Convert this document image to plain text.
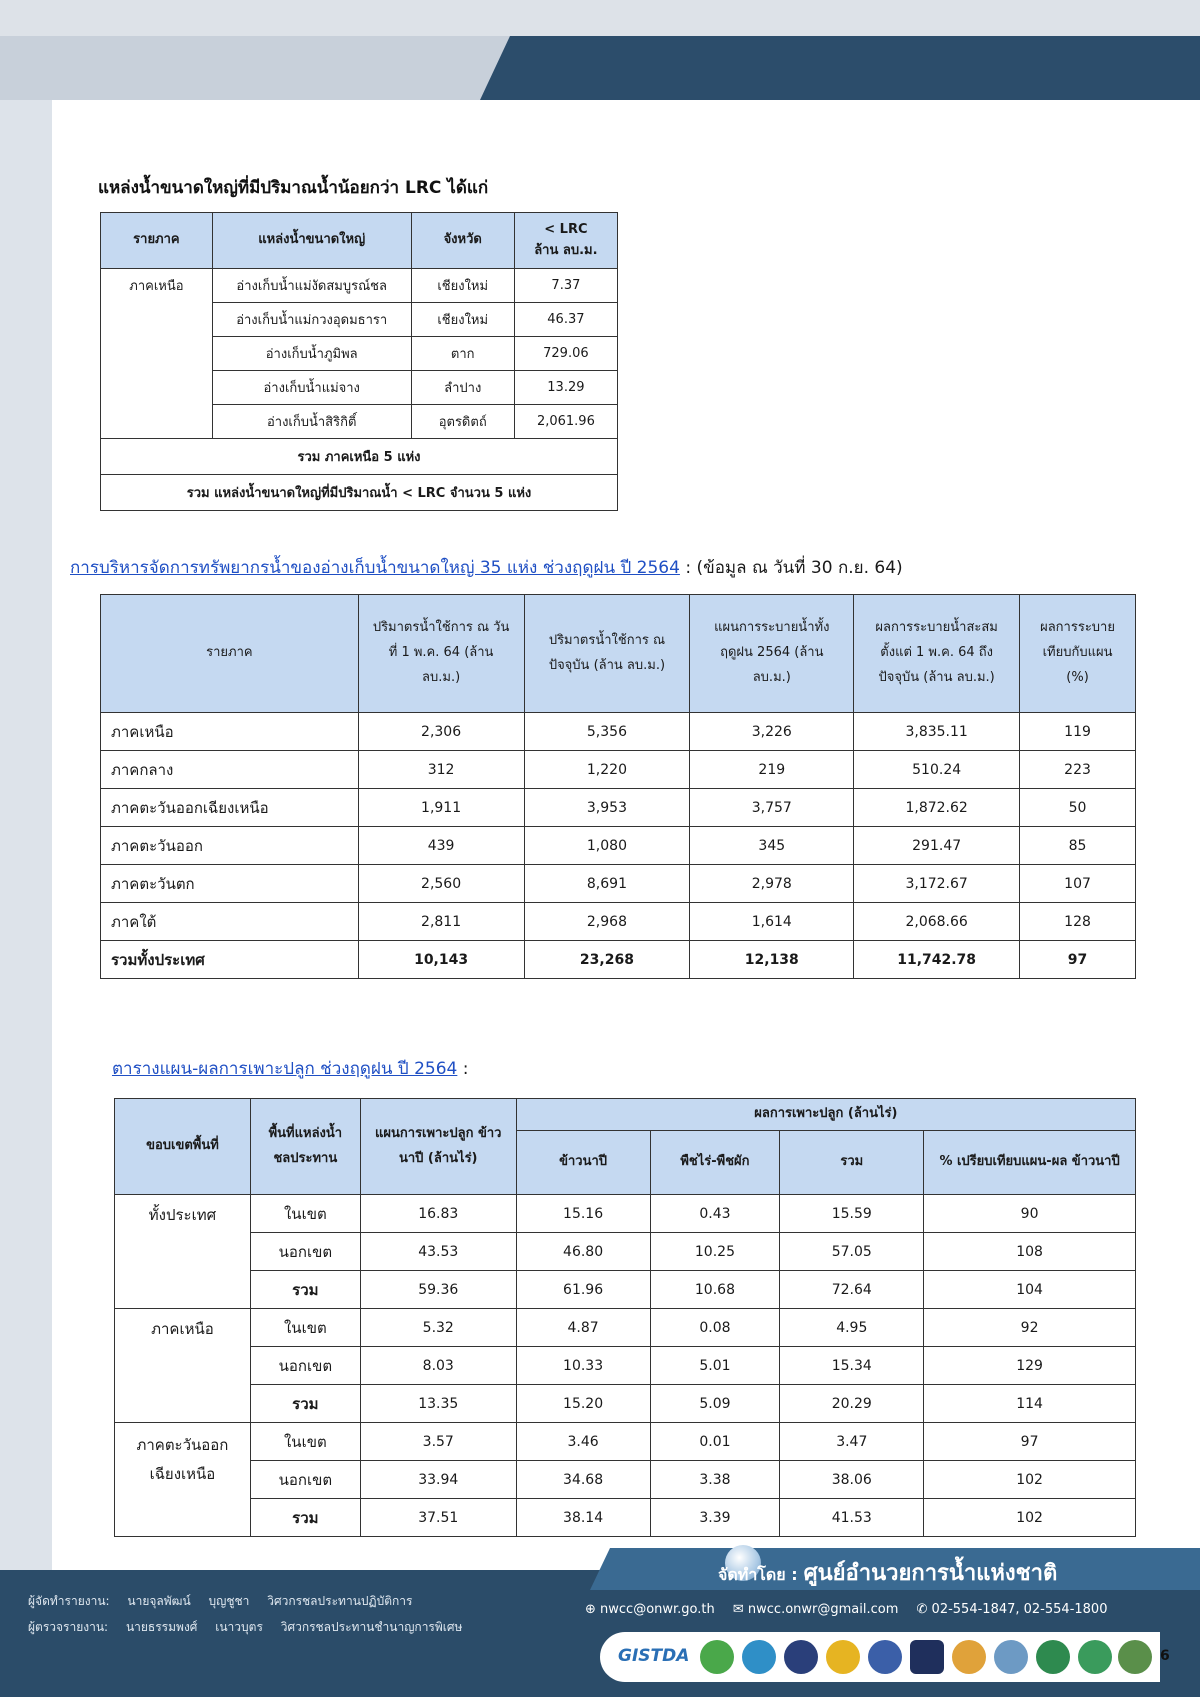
แหล่งน้ำขนาดใหญ่ที่มีปริมาณน้ำน้อยกว่า LRC ได้แก่
รายภาค	แหล่งน้ำขนาดใหญ่	จังหวัด	< LRC
ล้าน ลบ.ม.
ภาคเหนือ	อ่างเก็บน้ำแม่งัดสมบูรณ์ชล	เชียงใหม่	7.37
	อ่างเก็บน้ำแม่กวงอุดมธารา	เชียงใหม่	46.37
	อ่างเก็บน้ำภูมิพล	ตาก	729.06
	อ่างเก็บน้ำแม่จาง	ลำปาง	13.29
	อ่างเก็บน้ำสิริกิติ์	อุตรดิตถ์	2,061.96
รวม ภาคเหนือ 5 แห่ง			
รวม แหล่งน้ำขนาดใหญ่ที่มีปริมาณน้ำ < LRC จำนวน 5 แห่ง			
การบริหารจัดการทรัพยากรน้ำของอ่างเก็บน้ำขนาดใหญ่ 35 แห่ง ช่วงฤดูฝน ปี 2564 : (ข้อมูล ณ วันที่ 30 ก.ย. 64)
รายภาค	ปริมาตรน้ำใช้การ ณ วันที่ 1 พ.ค. 64 (ล้าน ลบ.ม.)	ปริมาตรน้ำใช้การ ณ ปัจจุบัน (ล้าน ลบ.ม.)	แผนการระบายน้ำทั้งฤดูฝน 2564 (ล้าน ลบ.ม.)	ผลการระบายน้ำสะสมตั้งแต่ 1 พ.ค. 64 ถึงปัจจุบัน (ล้าน ลบ.ม.)	ผลการระบาย เทียบกับแผน (%)
ภาคเหนือ	2,306	5,356	3,226	3,835.11	119
ภาคกลาง	312	1,220	219	510.24	223
ภาคตะวันออกเฉียงเหนือ	1,911	3,953	3,757	1,872.62	50
ภาคตะวันออก	439	1,080	345	291.47	85
ภาคตะวันตก	2,560	8,691	2,978	3,172.67	107
ภาคใต้	2,811	2,968	1,614	2,068.66	128
รวมทั้งประเทศ	10,143	23,268	12,138	11,742.78	97
ตารางแผน-ผลการเพาะปลูก ช่วงฤดูฝน ปี 2564 :
ขอบเขตพื้นที่	พื้นที่แหล่งน้ำ ชลประทาน	แผนการเพาะปลูก ข้าวนาปี (ล้านไร่)	ผลการเพาะปลูก (ล้านไร่)			
			ข้าวนาปี	พืชไร่-พืชผัก	รวม	% เปรียบเทียบแผน-ผล ข้าวนาปี
ทั้งประเทศ	ในเขต	16.83	15.16	0.43	15.59	90
	นอกเขต	43.53	46.80	10.25	57.05	108
	รวม	59.36	61.96	10.68	72.64	104
ภาคเหนือ	ในเขต	5.32	4.87	0.08	4.95	92
	นอกเขต	8.03	10.33	5.01	15.34	129
	รวม	13.35	15.20	5.09	20.29	114
ภาคตะวันออก เฉียงเหนือ	ในเขต	3.57	3.46	0.01	3.47	97
	นอกเขต	33.94	34.68	3.38	38.06	102
	รวม	37.51	38.14	3.39	41.53	102
จัดทำโดย : ศูนย์อำนวยการน้ำแห่งชาติ
⊕ nwcc@onwr.go.th ✉ nwcc.onwr@gmail.com ✆ 02-554-1847, 02-554-1800
ผู้จัดทำรายงาน: นายจุลพัฒน์ บุญชูชา วิศวกรชลประทานปฏิบัติการ
ผู้ตรวจรายงาน: นายธรรมพงศ์ เนาวบุตร วิศวกรชลประทานชำนาญการพิเศษ
GISTDA	6
